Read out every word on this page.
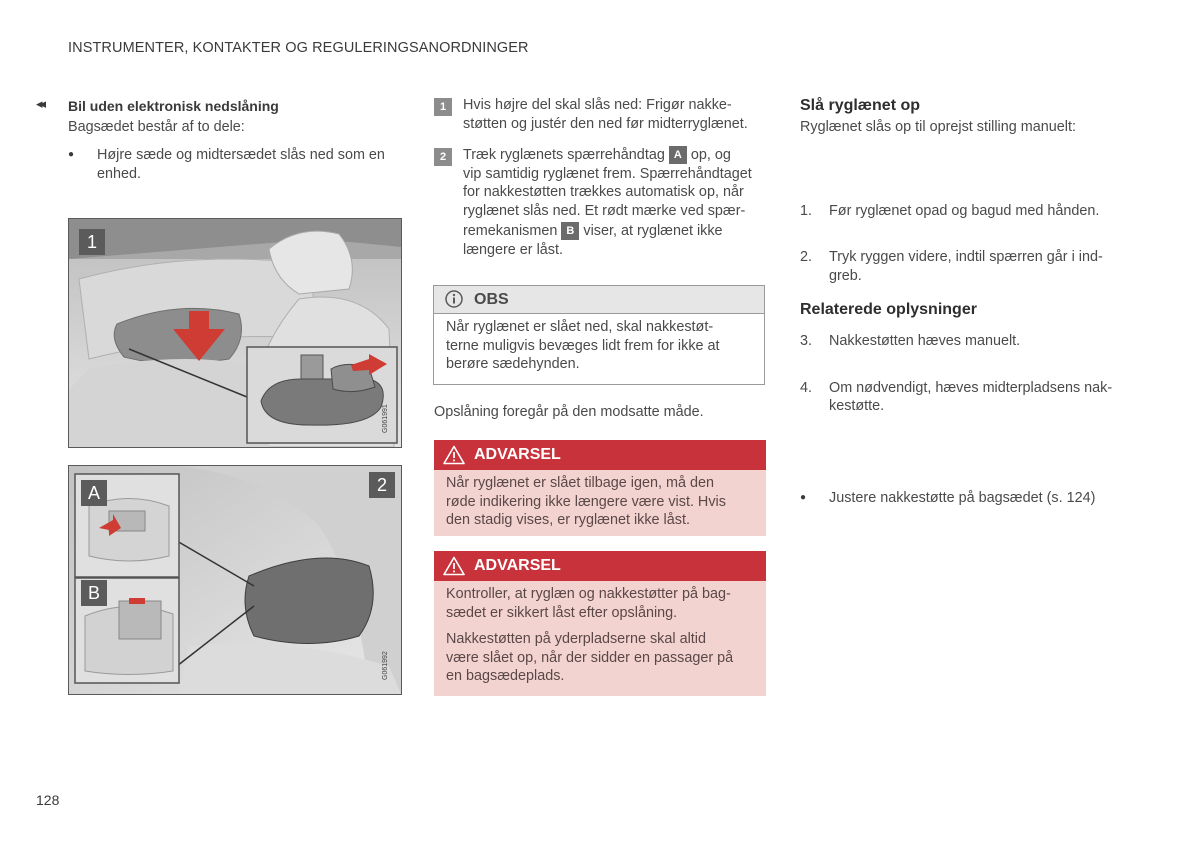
INSTRUMENTER, KONTAKTER OG REGULERINGSANORDNINGER
◂◂
128
Bil uden elektronisk nedslåning
Bagsædet består af to dele:
● Højre sæde og midtersædet slås ned som en
enhed.
●
G061991
1
G061992
2
A
B
1	Hvis højre del skal slås ned: Frigør nakke-
støtten og justér den ned før midterryglænet.
2	Træk ryglænets spærrehåndtag A op, og
vip samtidig ryglænet frem. Spærrehåndtaget
for nakkestøtten trækkes automatisk op, når
ryglænet slås ned. Et rødt mærke ved spær-
remekanismen B viser, at ryglænet ikke
længere er låst.
OBS
Når ryglænet er slået ned, skal nakkestøt-
terne muligvis bevæges lidt frem for ikke at
berøre sædehynden.
Opslåning foregår på den modsatte måde.
ADVARSEL
Når ryglænet er slået tilbage igen, må den
røde indikering ikke længere være vist. Hvis
den stadig vises, er ryglænet ikke låst.
ADVARSEL
Kontroller, at ryglæn og nakkestøtter på bag-
sædet er sikkert låst efter opslåning.
Nakkestøtten på yderpladserne skal altid
være slået op, når der sidder en passager på
en bagsædeplads.
Slå ryglænet op
Ryglænet slås op til oprejst stilling manuelt:
1. Før ryglænet opad og bagud med hånden.
2. Tryk ryggen videre, indtil spærren går i ind-
greb.
3. Nakkestøtten hæves manuelt.
4. Om nødvendigt, hæves midterpladsens nak-
kestøtte.
Relaterede oplysninger
● Justere nakkestøtte på bagsædet (s. 124)
